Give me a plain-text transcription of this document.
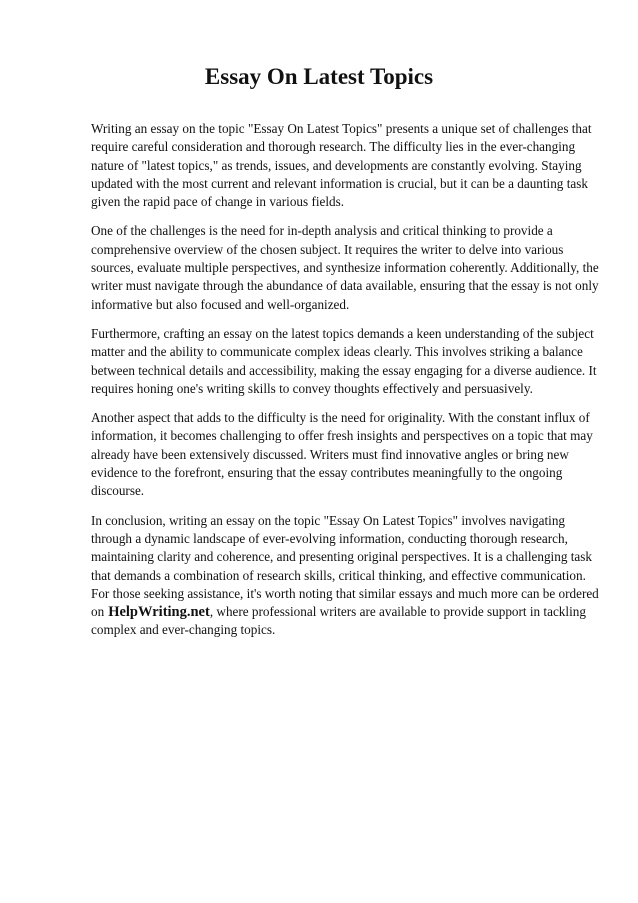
Essay On Latest Topics

Writing an essay on the topic "Essay On Latest Topics" presents a unique set of challenges that require careful consideration and thorough research. The difficulty lies in the ever-changing nature of "latest topics," as trends, issues, and developments are constantly evolving. Staying updated with the most current and relevant information is crucial, but it can be a daunting task given the rapid pace of change in various fields.

One of the challenges is the need for in-depth analysis and critical thinking to provide a comprehensive overview of the chosen subject. It requires the writer to delve into various sources, evaluate multiple perspectives, and synthesize information coherently. Additionally, the writer must navigate through the abundance of data available, ensuring that the essay is not only informative but also focused and well-organized.

Furthermore, crafting an essay on the latest topics demands a keen understanding of the subject matter and the ability to communicate complex ideas clearly. This involves striking a balance between technical details and accessibility, making the essay engaging for a diverse audience. It requires honing one's writing skills to convey thoughts effectively and persuasively.

Another aspect that adds to the difficulty is the need for originality. With the constant influx of information, it becomes challenging to offer fresh insights and perspectives on a topic that may already have been extensively discussed. Writers must find innovative angles or bring new evidence to the forefront, ensuring that the essay contributes meaningfully to the ongoing discourse.

In conclusion, writing an essay on the topic "Essay On Latest Topics" involves navigating through a dynamic landscape of ever-evolving information, conducting thorough research, maintaining clarity and coherence, and presenting original perspectives. It is a challenging task that demands a combination of research skills, critical thinking, and effective communication. For those seeking assistance, it's worth noting that similar essays and much more can be ordered on HelpWriting.net, where professional writers are available to provide support in tackling complex and ever-changing topics.
